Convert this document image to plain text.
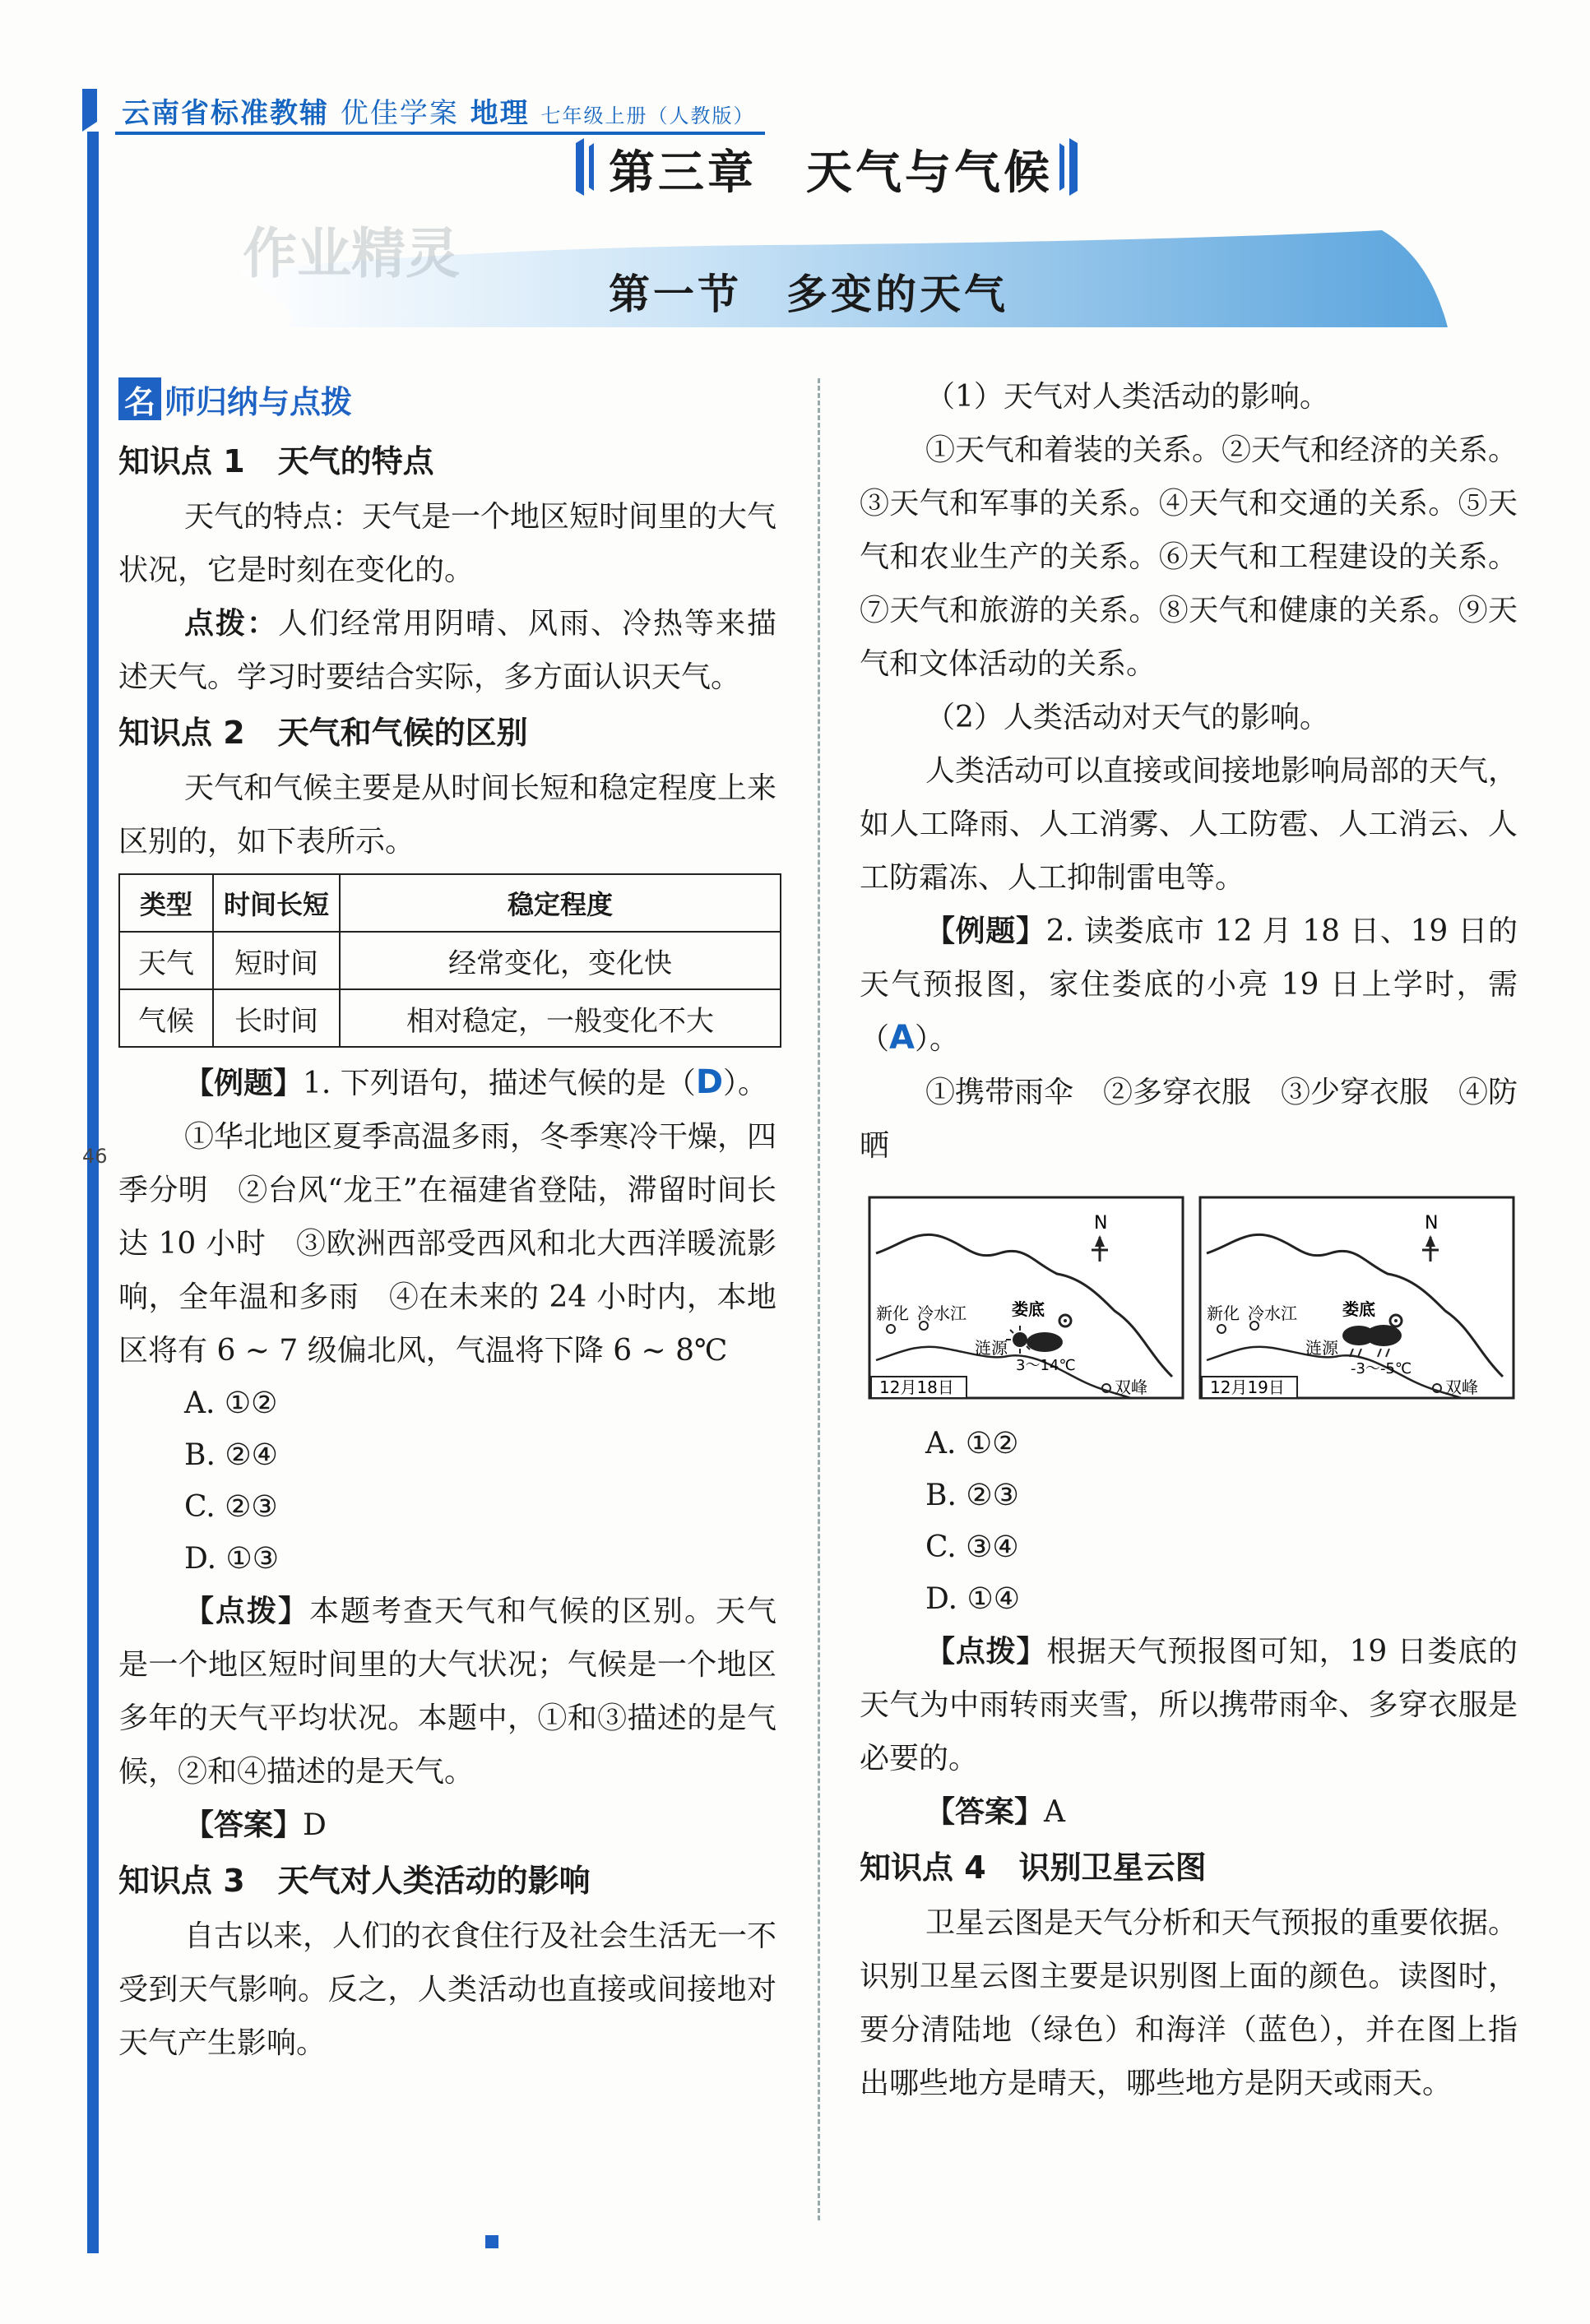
云南省标准教辅 优佳学案 地理 七年级上册（人教版）
46
第三章　天气与气候
作业精灵
第一节　多变的天气
名 师归纳与点拨

知识点 1 天气的特点

天气的特点：天气是一个地区短时间里的大气状况，它是时刻在变化的。

点拨：人们经常用阴晴、风雨、冷热等来描述天气。学习时要结合实际，多方面认识天气。

知识点 2 天气和气候的区别

天气和气候主要是从时间长短和稳定程度上来区别的，如下表所示。

类型	时间长短	稳定程度
天气	短时间	经常变化，变化快
气候	长时间	相对稳定，一般变化不大

【例题】1. 下列语句，描述气候的是（D）。

①华北地区夏季高温多雨，冬季寒冷干燥，四季分明　②台风“龙王”在福建省登陆，滞留时间长达 10 小时　③欧洲西部受西风和北大西洋暖流影响，全年温和多雨　④在未来的 24 小时内，本地区将有 6 ~ 7 级偏北风，气温将下降 6 ~ 8℃

A. ①②

B. ②④

C. ②③

D. ①③

【点拨】本题考查天气和气候的区别。天气是一个地区短时间里的大气状况；气候是一个地区多年的天气平均状况。本题中，①和③描述的是气候，②和④描述的是天气。

【答案】D

知识点 3 天气对人类活动的影响

自古以来，人们的衣食住行及社会生活无一不受到天气影响。反之，人类活动也直接或间接地对天气产生影响。

（1）天气对人类活动的影响。

①天气和着装的关系。②天气和经济的关系。③天气和军事的关系。④天气和交通的关系。⑤天气和农业生产的关系。⑥天气和工程建设的关系。⑦天气和旅游的关系。⑧天气和健康的关系。⑨天气和文体活动的关系。

（2）人类活动对天气的影响。

人类活动可以直接或间接地影响局部的天气，如人工降雨、人工消雾、人工防雹、人工消云、人工防霜冻、人工抑制雷电等。

【例题】2. 读娄底市 12 月 18 日、19 日的天气预报图，家住娄底的小亮 19 日上学时，需（A）。

①携带雨伞　②多穿衣服　③少穿衣服　④防晒

N
新化 冷水江	娄底
涟源
3～14℃
双峰
12月18日
N
新化 冷水江	娄底
涟源
-3～-5℃
双峰
12月19日

A. ①②

B. ②③

C. ③④

D. ①④

【点拨】根据天气预报图可知，19 日娄底的天气为中雨转雨夹雪，所以携带雨伞、多穿衣服是必要的。

【答案】A

知识点 4 识别卫星云图

卫星云图是天气分析和天气预报的重要依据。识别卫星云图主要是识别图上面的颜色。读图时，要分清陆地（绿色）和海洋（蓝色），并在图上指出哪些地方是晴天，哪些地方是阴天或雨天。
